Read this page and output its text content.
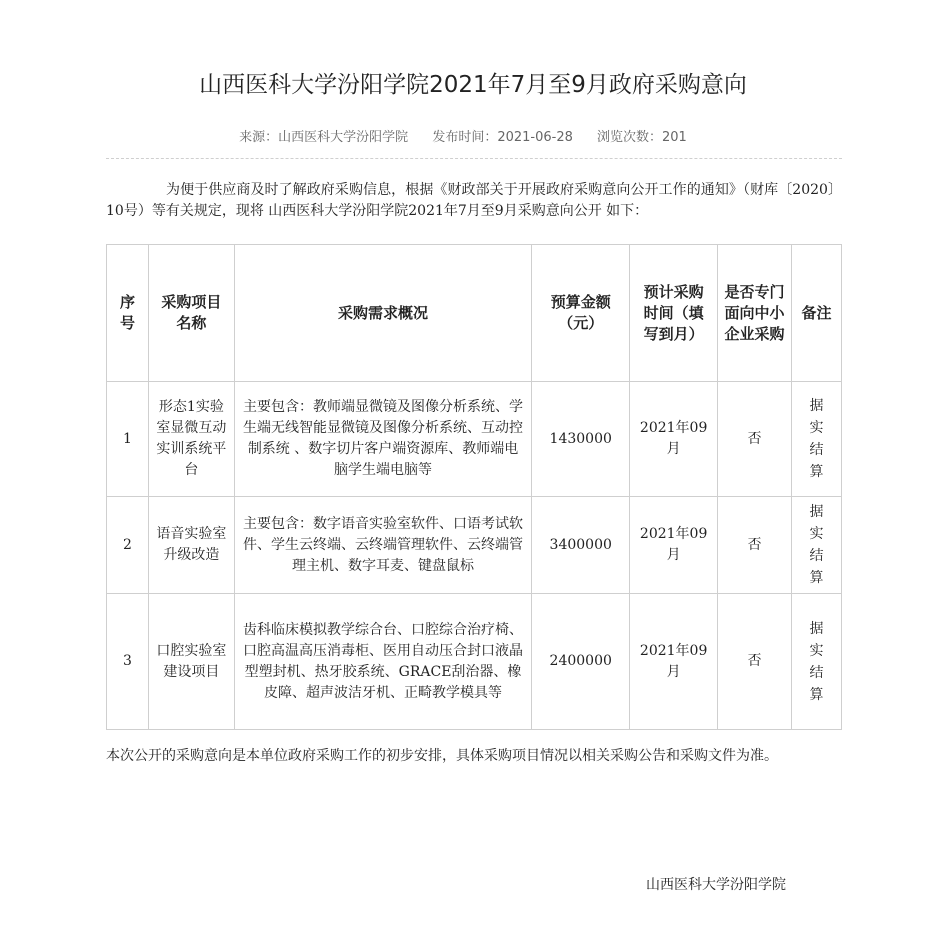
山西医科大学汾阳学院2021年7月至9月政府采购意向
来源：山西医科大学汾阳学院 发布时间：2021-06-28 浏览次数：201
为便于供应商及时了解政府采购信息，根据《财政部关于开展政府采购意向公开工作的通知》（财库〔2020〕10号）等有关规定，现将 山西医科大学汾阳学院2021年7月至9月采购意向公开 如下：
序号	采购项目名称	采购需求概况	预算金额（元）	预计采购时间（填写到月）	是否专门面向中小企业采购	备注
1	形态1实验室显微互动实训系统平台	主要包含：教师端显微镜及图像分析系统、学生端无线智能显微镜及图像分析系统、互动控制系统 、数字切片客户端资源库、教师端电脑学生端电脑等	1430000	2021年09月	否	据实结算
2	语音实验室升级改造	主要包含：数字语音实验室软件、口语考试软件、学生云终端、云终端管理软件、云终端管理主机、数字耳麦、键盘鼠标	3400000	2021年09月	否	据实结算
3	口腔实验室建设项目	齿科临床模拟教学综合台、口腔综合治疗椅、口腔高温高压消毒柜、医用自动压合封口液晶型塑封机、热牙胶系统、GRACE刮治器、橡皮障、超声波洁牙机、正畸教学模具等	2400000	2021年09月	否	据实结算
本次公开的采购意向是本单位政府采购工作的初步安排，具体采购项目情况以相关采购公告和采购文件为准。
山西医科大学汾阳学院
